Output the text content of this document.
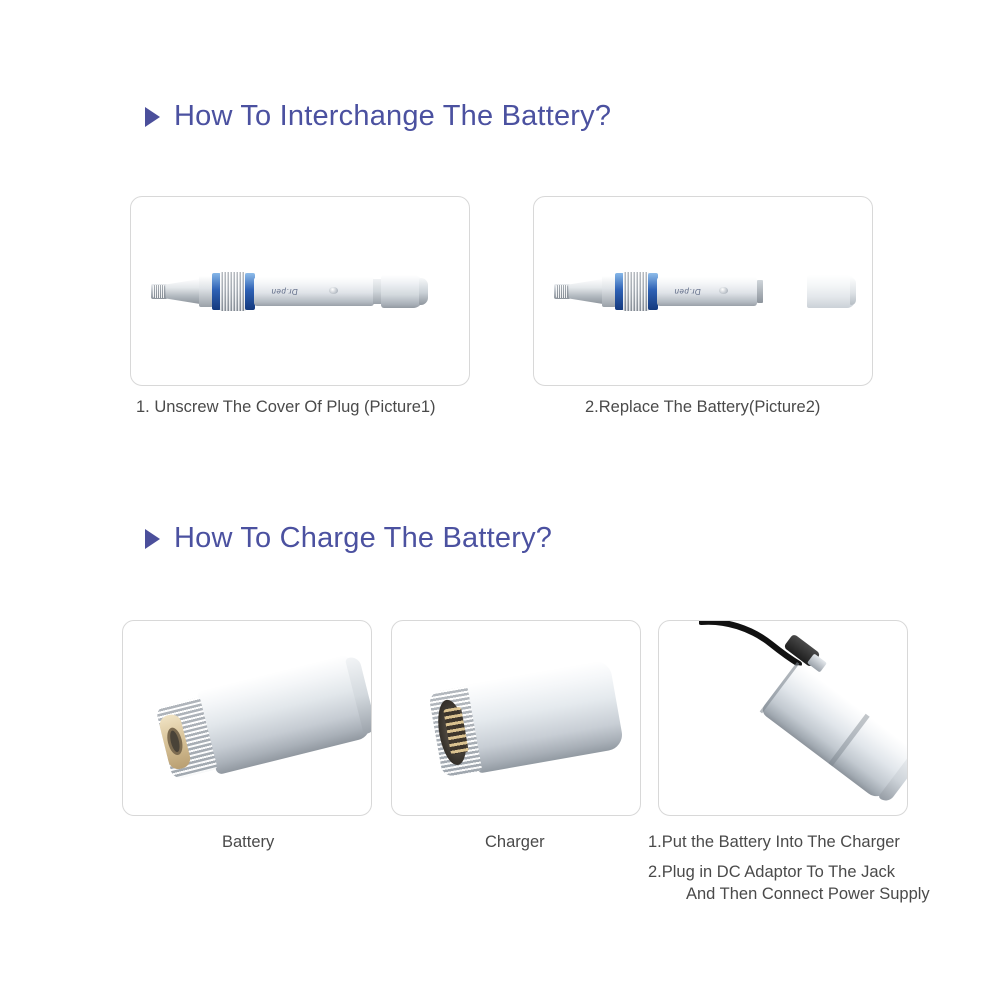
How To Interchange The Battery?
Dr.pen
1. Unscrew The Cover Of Plug (Picture1)
Dr.pen
2.Replace The Battery(Picture2)
How To Charge The Battery?
Battery	Charger	1.Put the Battery Into The Charger
2.Plug in DC Adaptor To The Jack
And Then Connect Power Supply
